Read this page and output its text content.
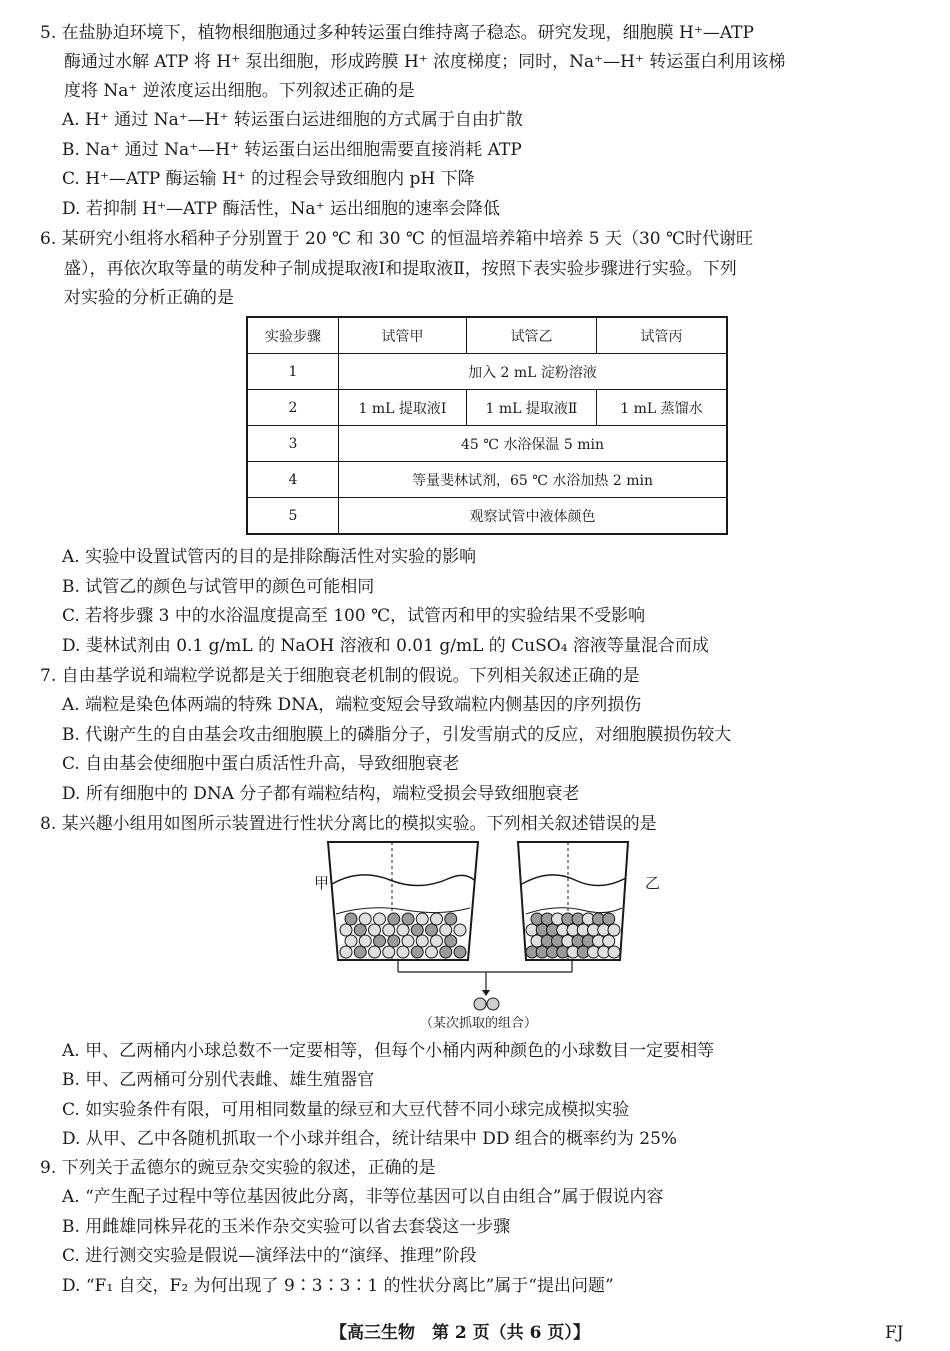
5. 在盐胁迫环境下，植物根细胞通过多种转运蛋白维持离子稳态。研究发现，细胞膜 H⁺—ATP
酶通过水解 ATP 将 H⁺ 泵出细胞，形成跨膜 H⁺ 浓度梯度；同时，Na⁺—H⁺ 转运蛋白利用该梯
度将 Na⁺ 逆浓度运出细胞。下列叙述正确的是
A. H⁺ 通过 Na⁺—H⁺ 转运蛋白运进细胞的方式属于自由扩散
B. Na⁺ 通过 Na⁺—H⁺ 转运蛋白运出细胞需要直接消耗 ATP
C. H⁺—ATP 酶运输 H⁺ 的过程会导致细胞内 pH 下降
D. 若抑制 H⁺—ATP 酶活性，Na⁺ 运出细胞的速率会降低
6. 某研究小组将水稻种子分别置于 20 ℃ 和 30 ℃ 的恒温培养箱中培养 5 天（30 ℃时代谢旺
盛），再依次取等量的萌发种子制成提取液Ⅰ和提取液Ⅱ，按照下表实验步骤进行实验。下列
对实验的分析正确的是
实验步骤	试管甲	试管乙	试管丙
1	加入 2 mL 淀粉溶液		
2	1 mL 提取液Ⅰ	1 mL 提取液Ⅱ	1 mL 蒸馏水
3	45 ℃ 水浴保温 5 min		
4	等量斐林试剂，65 ℃ 水浴加热 2 min		
5	观察试管中液体颜色		
A. 实验中设置试管丙的目的是排除酶活性对实验的影响
B. 试管乙的颜色与试管甲的颜色可能相同
C. 若将步骤 3 中的水浴温度提高至 100 ℃，试管丙和甲的实验结果不受影响
D. 斐林试剂由 0.1 g/mL 的 NaOH 溶液和 0.01 g/mL 的 CuSO₄ 溶液等量混合而成
7. 自由基学说和端粒学说都是关于细胞衰老机制的假说。下列相关叙述正确的是
A. 端粒是染色体两端的特殊 DNA，端粒变短会导致端粒内侧基因的序列损伤
B. 代谢产生的自由基会攻击细胞膜上的磷脂分子，引发雪崩式的反应，对细胞膜损伤较大
C. 自由基会使细胞中蛋白质活性升高，导致细胞衰老
D. 所有细胞中的 DNA 分子都有端粒结构，端粒受损会导致细胞衰老
8. 某兴趣小组用如图所示装置进行性状分离比的模拟实验。下列相关叙述错误的是
甲	乙
（某次抓取的组合）
A. 甲、乙两桶内小球总数不一定要相等，但每个小桶内两种颜色的小球数目一定要相等
B. 甲、乙两桶可分别代表雌、雄生殖器官
C. 如实验条件有限，可用相同数量的绿豆和大豆代替不同小球完成模拟实验
D. 从甲、乙中各随机抓取一个小球并组合，统计结果中 DD 组合的概率约为 25%
9. 下列关于孟德尔的豌豆杂交实验的叙述，正确的是
A. “产生配子过程中等位基因彼此分离，非等位基因可以自由组合”属于假说内容
B. 用雌雄同株异花的玉米作杂交实验可以省去套袋这一步骤
C. 进行测交实验是假说—演绎法中的“演绎、推理”阶段
D. “F₁ 自交，F₂ 为何出现了 9∶3∶3∶1 的性状分离比”属于“提出问题”
【高三生物　第 2 页（共 6 页）】	FJ
